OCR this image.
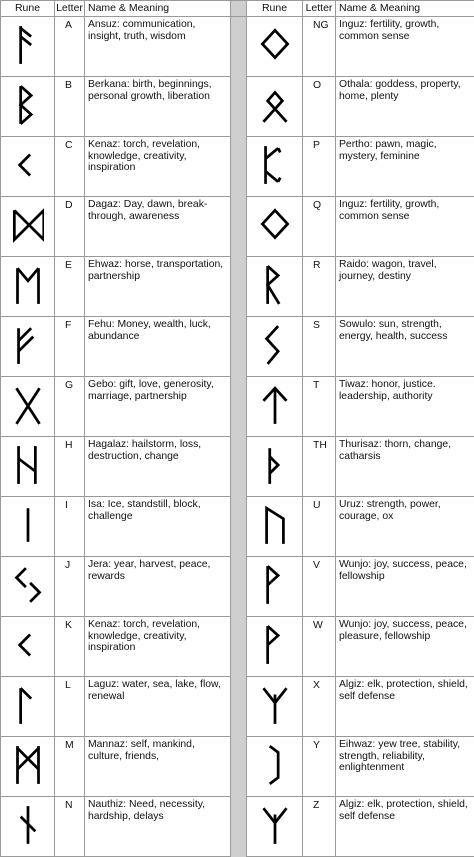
Rune	Letter	Name & Meaning		Rune	Letter	Name & Meaning
	A	Ansuz: communication, insight, truth, wisdom			NG	Inguz: fertility, growth, common sense
	B	Berkana: birth, beginnings, personal growth, liberation			O	Othala: goddess, property, home, plenty
	C	Kenaz: torch, revelation, knowledge, creativity, inspiration			P	Pertho: pawn, magic, mystery, feminine
	D	Dagaz: Day, dawn, break-through, awareness			Q	Inguz: fertility, growth, common sense
	E	Ehwaz: horse, transportation, partnership			R	Raido: wagon, travel, journey, destiny
	F	Fehu: Money, wealth, luck, abundance			S	Sowulo: sun, strength, energy, health, success
	G	Gebo: gift, love, generosity, marriage, partnership			T	Tiwaz: honor, justice. leadership, authority
	H	Hagalaz: hailstorm, loss, destruction, change			TH	Thurisaz: thorn, change, catharsis
	I	Isa: Ice, standstill, block, challenge			U	Uruz: strength, power, courage, ox
	J	Jera: year, harvest, peace, rewards			V	Wunjo: joy, success, peace, fellowship
	K	Kenaz: torch, revelation, knowledge, creativity, inspiration			W	Wunjo: joy, success, peace, pleasure, fellowship
	L	Laguz: water, sea, lake, flow, renewal			X	Algiz: elk, protection, shield, self defense
	M	Mannaz: self, mankind, culture, friends,			Y	Eihwaz: yew tree, stability, strength, reliability, enlightenment
	N	Nauthiz: Need, necessity, hardship, delays			Z	Algiz: elk, protection, shield, self defense
